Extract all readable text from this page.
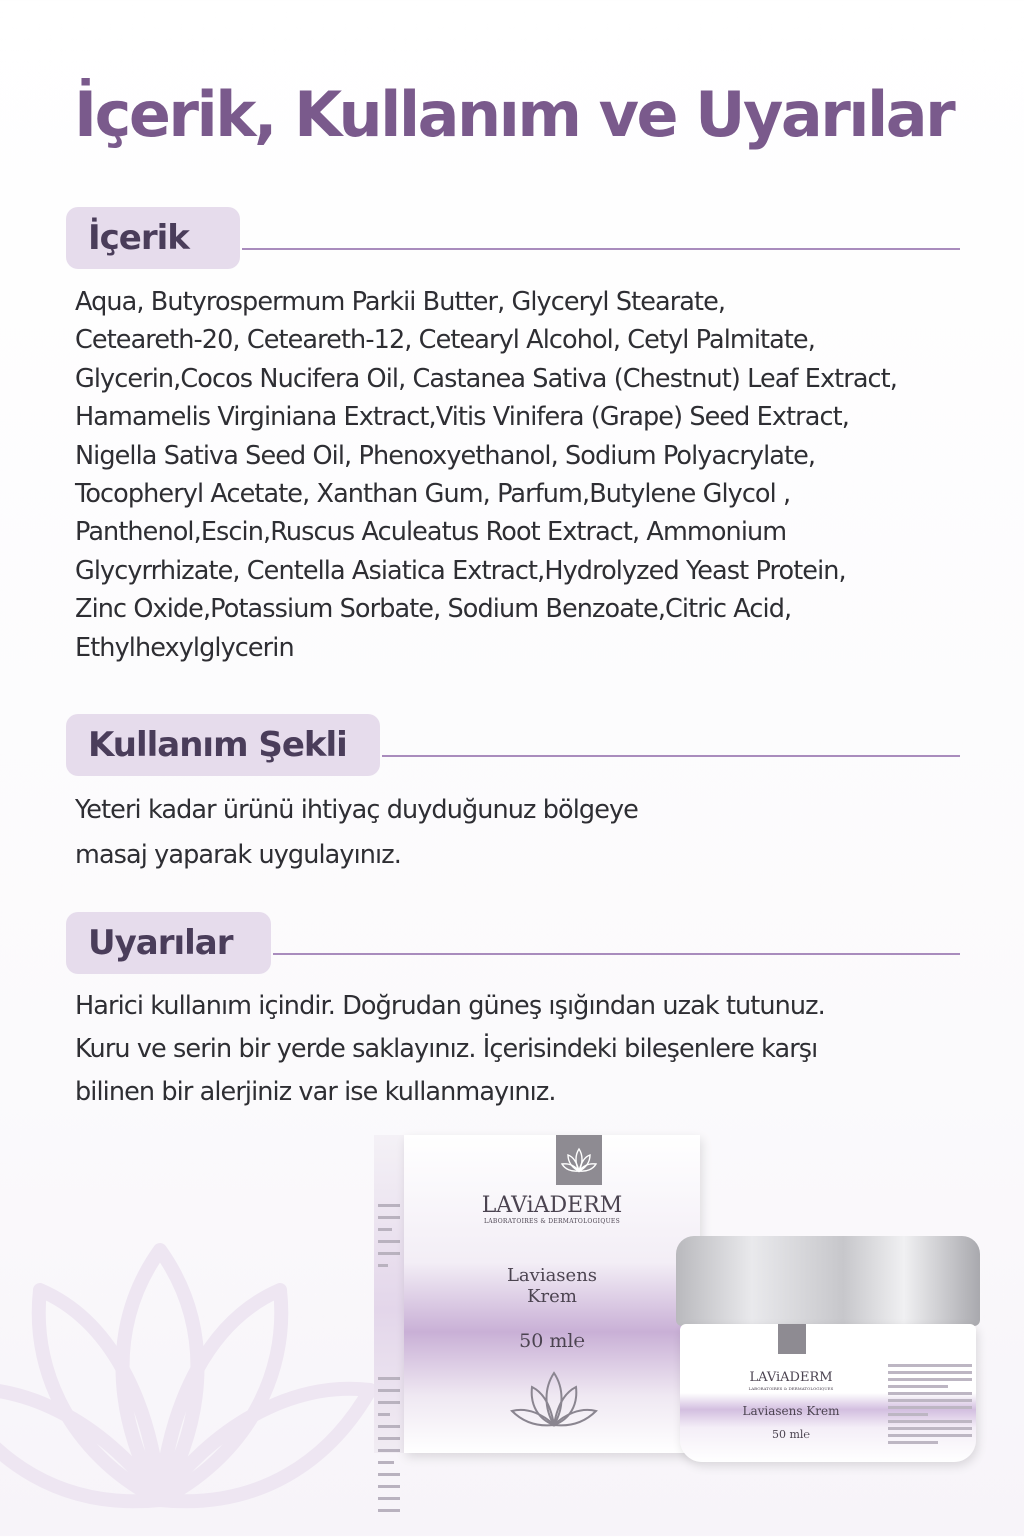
İçerik, Kullanım ve Uyarılar
İçerik
Aqua, Butyrospermum Parkii Butter, Glyceryl Stearate,
Ceteareth-20, Ceteareth-12, Cetearyl Alcohol, Cetyl Palmitate,
Glycerin,Cocos Nucifera Oil, Castanea Sativa (Chestnut) Leaf Extract,
Hamamelis Virginiana Extract,Vitis Vinifera (Grape) Seed Extract,
Nigella Sativa Seed Oil, Phenoxyethanol, Sodium Polyacrylate,
Tocopheryl Acetate, Xanthan Gum, Parfum,Butylene Glycol ,
Panthenol,Escin,Ruscus Aculeatus Root Extract, Ammonium
Glycyrrhizate, Centella Asiatica Extract,Hydrolyzed Yeast Protein,
Zinc Oxide,Potassium Sorbate, Sodium Benzoate,Citric Acid,
Ethylhexylglycerin
Kullanım Şekli
Yeteri kadar ürünü ihtiyaç duyduğunuz bölgeye
masaj yaparak uygulayınız.
Uyarılar
Harici kullanım içindir. Doğrudan güneş ışığından uzak tutunuz.
Kuru ve serin bir yerde saklayınız. İçerisindeki bileşenlere karşı
bilinen bir alerjiniz var ise kullanmayınız.
LAViADERM
LABORATOIRES & DERMATOLOGIQUES
Laviasens
Krem
50 ml℮
LAViADERM
LABORATOIRES & DERMATOLOGIQUES
Laviasens Krem
50 ml℮
